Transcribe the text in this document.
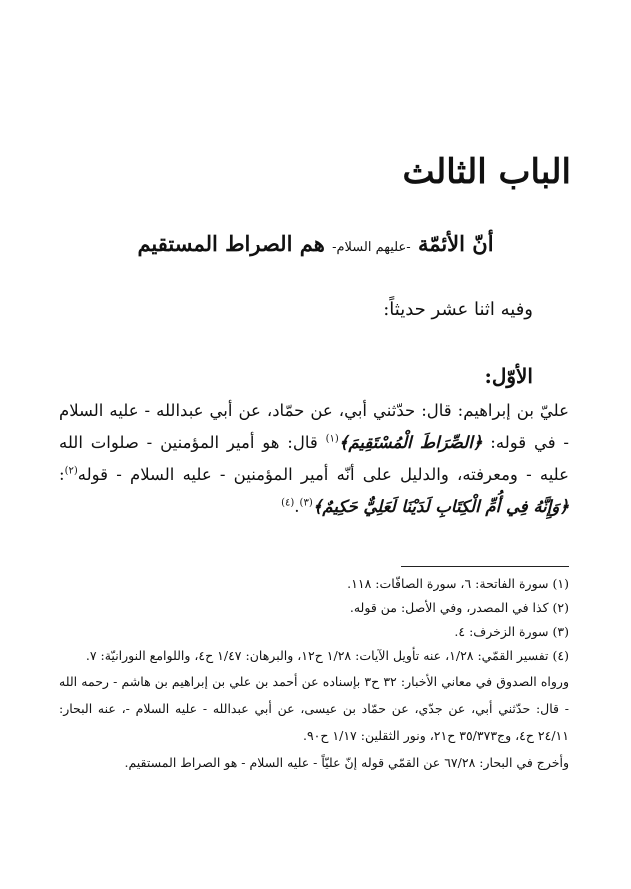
الباب الثالث
أنّ الأئمّة -عليهم السلام- هم الصراط المستقيم

وفيه اثنا عشر حديثاً:

الأوّل:

عليّ بن إبراهيم: قال: حدّثني أبي، عن حمّاد، عن أبي عبدالله - عليه السلام - في قوله: ﴿الصِّرَاطَ الْمُسْتَقِيمَ﴾$^{(١)}$ قال: هو أمير المؤمنين - صلوات الله عليه - ومعرفته، والدليل على أنّه أمير المؤمنين - عليه السلام - قوله$^{(٢)}$: ﴿وَإِنَّهُ فِي أُمِّ الْكِتَابِ لَدَيْنَا لَعَلِيٌّ حَكِيمٌ﴾$^{(٣)}$.$^{(٤)}$

(١) سورة الفاتحة: ٦، سورة الصافّات: ١١٨.

(٢) كذا في المصدر، وفي الأصل: من قوله.

(٣) سورة الزخرف: ٤.

(٤) تفسير القمّي: ١/٢٨، عنه تأويل الآيات: ١/٢٨ ح١٢، والبرهان: ١/٤٧ ح٤، واللوامع النورانيّة: ٧.

ورواه الصدوق في معاني الأخبار: ٣٢ ح٣ بإسناده عن أحمد بن علي بن إبراهيم بن هاشم - رحمه الله - قال: حدّثني أبي، عن جدّي، عن حمّاد بن عيسى، عن أبي عبدالله - عليه السلام -، عنه البحار: ٢٤/١١ ح٤، وج٣٥/٣٧٣ ح٢١، ونور الثقلين: ١/١٧ ح٩٠.

وأخرج في البحار: ٦٧/٢٨ عن القمّي قوله إنّ عليّاً - عليه السلام - هو الصراط المستقيم.
